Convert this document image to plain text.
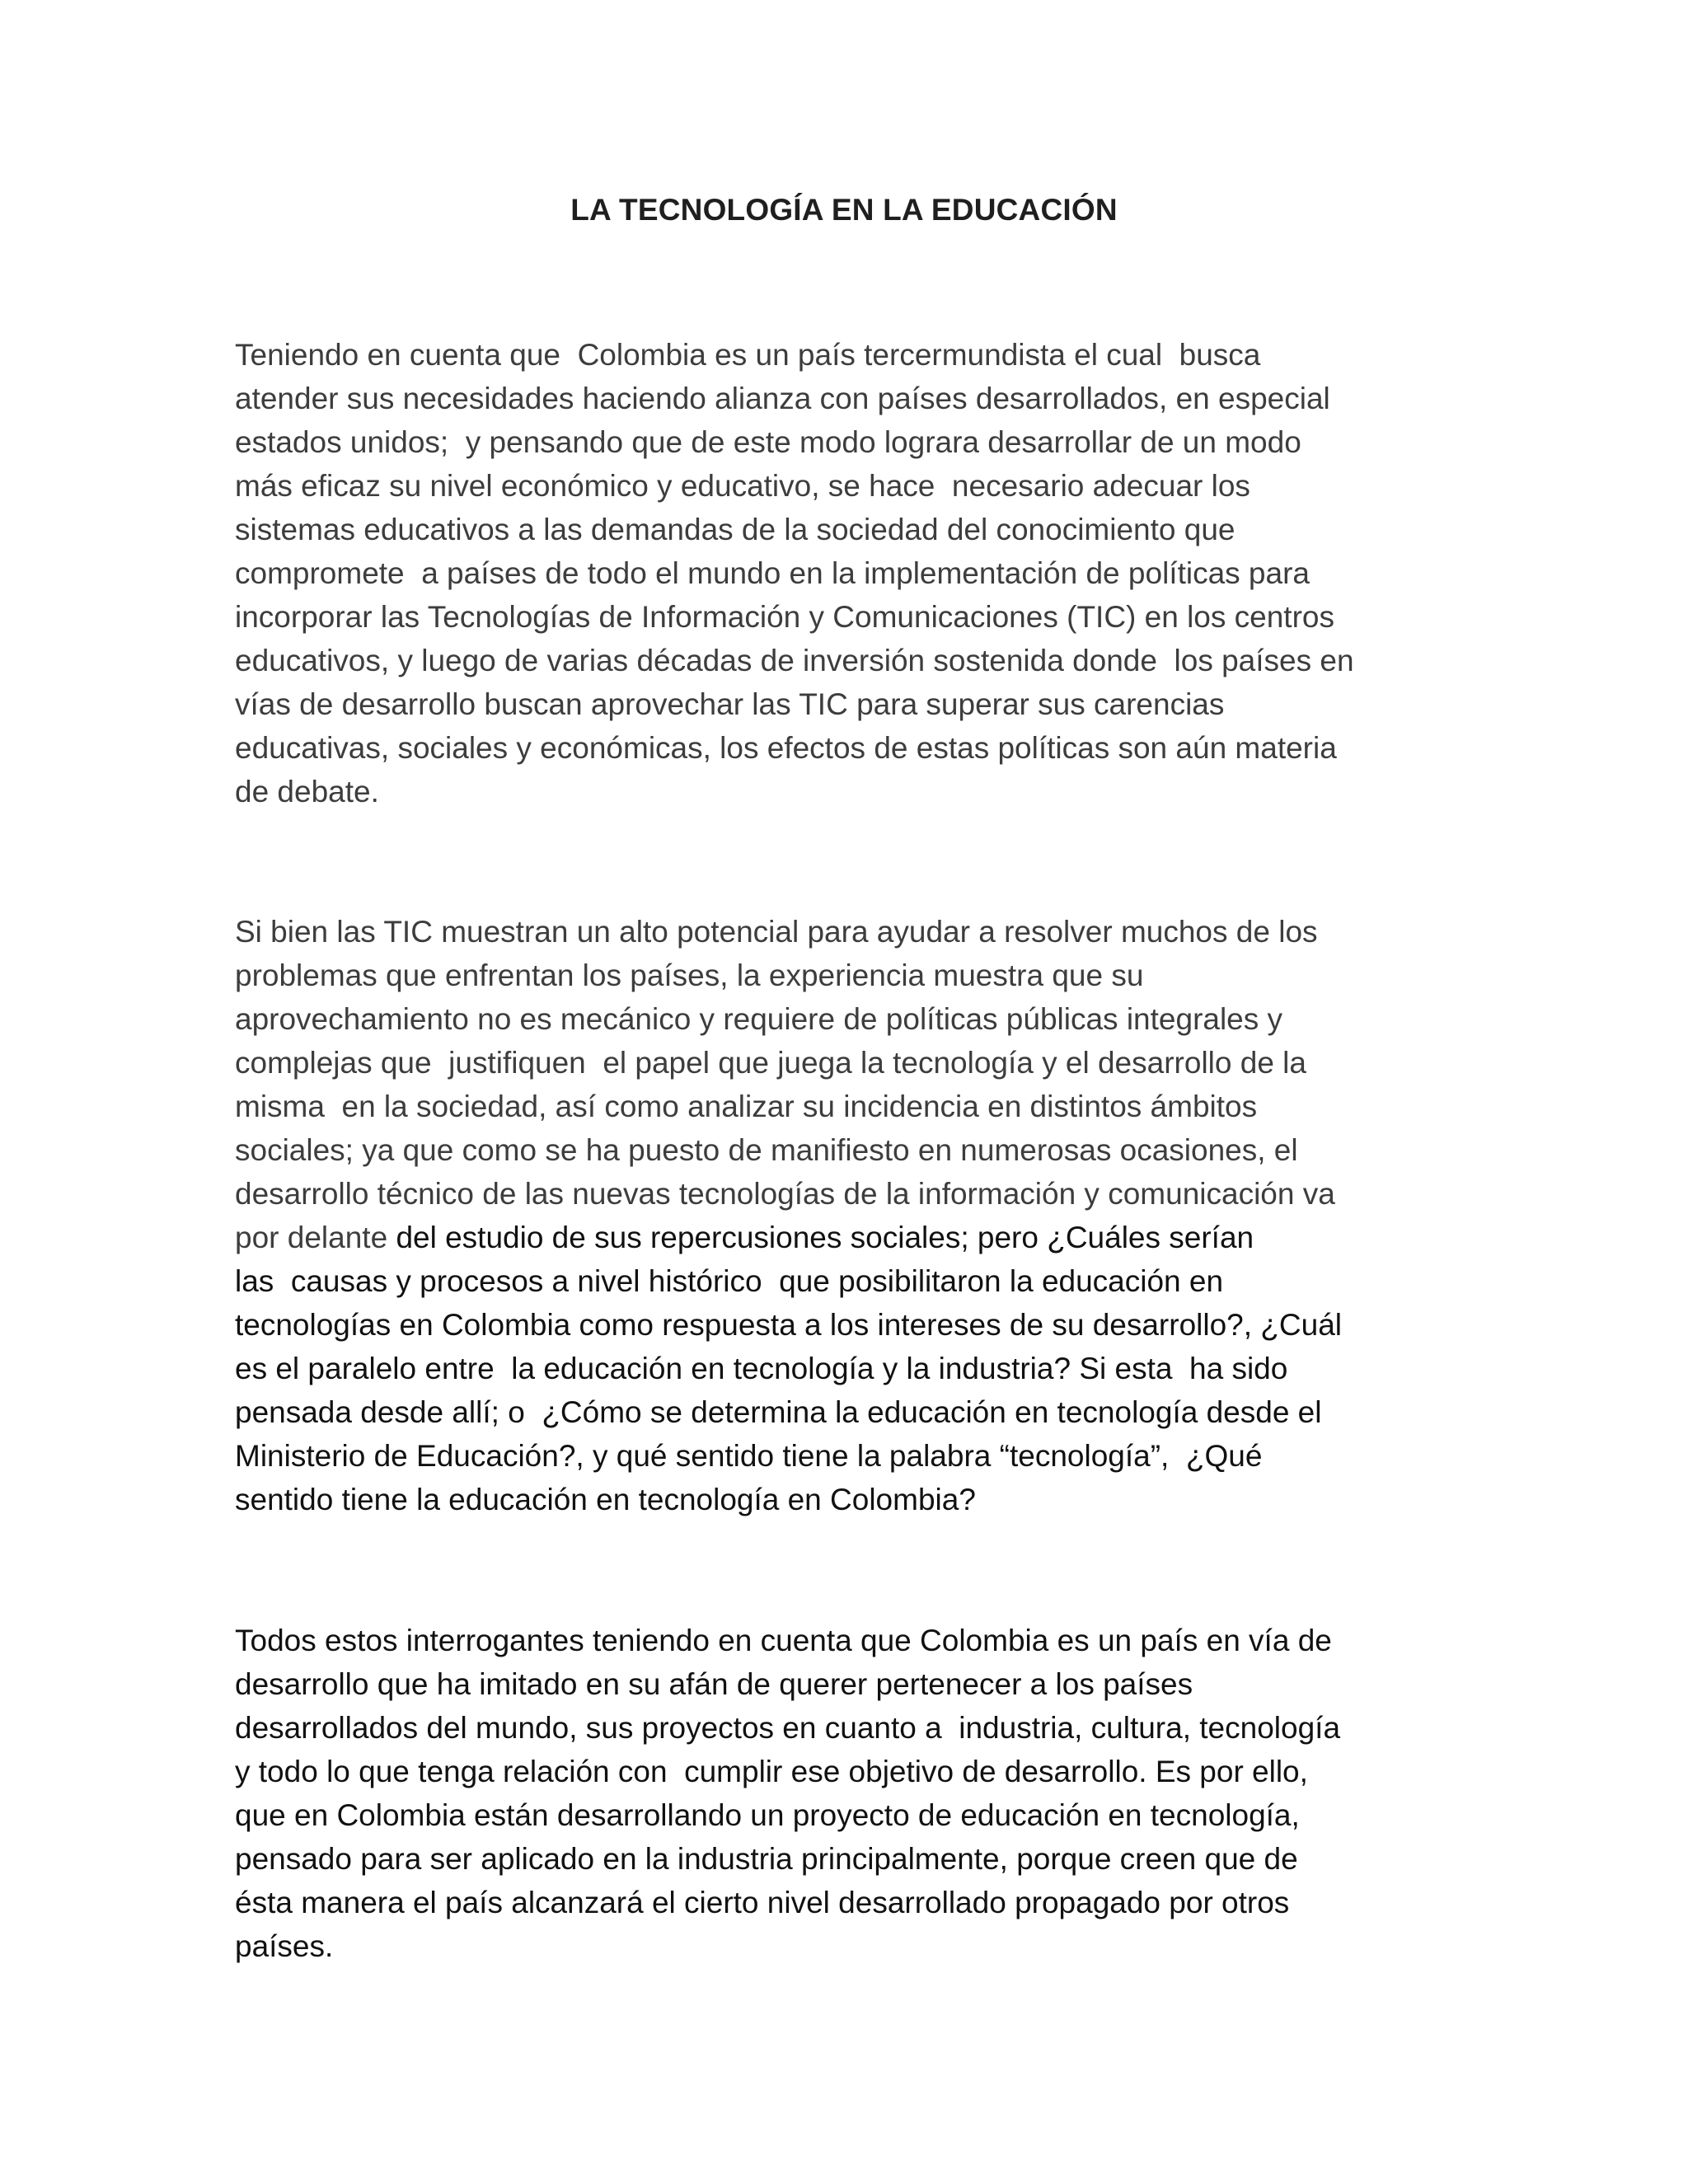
LA TECNOLOGÍA EN LA EDUCACIÓN

Teniendo en cuenta que  Colombia es un país tercermundista el cual  busca
atender sus necesidades haciendo alianza con países desarrollados, en especial
estados unidos;  y pensando que de este modo lograra desarrollar de un modo
más eficaz su nivel económico y educativo, se hace  necesario adecuar los
sistemas educativos a las demandas de la sociedad del conocimiento que
compromete  a países de todo el mundo en la implementación de políticas para
incorporar las Tecnologías de Información y Comunicaciones (TIC) en los centros
educativos, y luego de varias décadas de inversión sostenida donde  los países en
vías de desarrollo buscan aprovechar las TIC para superar sus carencias
educativas, sociales y económicas, los efectos de estas políticas son aún materia
de debate.

Si bien las TIC muestran un alto potencial para ayudar a resolver muchos de los
problemas que enfrentan los países, la experiencia muestra que su
aprovechamiento no es mecánico y requiere de políticas públicas integrales y
complejas que  justifiquen  el papel que juega la tecnología y el desarrollo de la
misma  en la sociedad, así como analizar su incidencia en distintos ámbitos
sociales; ya que como se ha puesto de manifiesto en numerosas ocasiones, el
desarrollo técnico de las nuevas tecnologías de la información y comunicación va
por delante del estudio de sus repercusiones sociales; pero ¿Cuáles serían
las  causas y procesos a nivel histórico  que posibilitaron la educación en
tecnologías en Colombia como respuesta a los intereses de su desarrollo?, ¿Cuál
es el paralelo entre  la educación en tecnología y la industria? Si esta  ha sido
pensada desde allí; o  ¿Cómo se determina la educación en tecnología desde el
Ministerio de Educación?, y qué sentido tiene la palabra “tecnología”,  ¿Qué
sentido tiene la educación en tecnología en Colombia?

Todos estos interrogantes teniendo en cuenta que Colombia es un país en vía de
desarrollo que ha imitado en su afán de querer pertenecer a los países
desarrollados del mundo, sus proyectos en cuanto a  industria, cultura, tecnología
y todo lo que tenga relación con  cumplir ese objetivo de desarrollo. Es por ello,
que en Colombia están desarrollando un proyecto de educación en tecnología,
pensado para ser aplicado en la industria principalmente, porque creen que de
ésta manera el país alcanzará el cierto nivel desarrollado propagado por otros
países.
